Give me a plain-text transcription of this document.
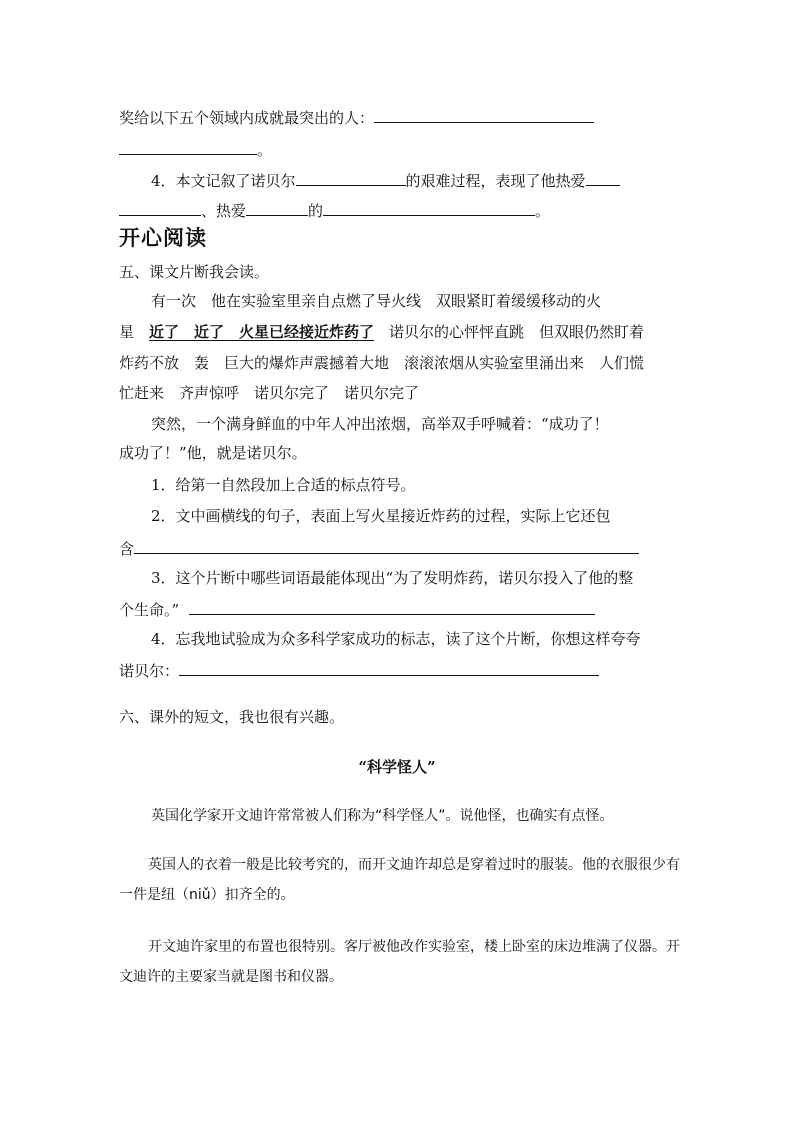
奖给以下五个领域内成就最突出的人：
。
4．本文记叙了诺贝尔	的艰难过程，表现了他热爱
、热爱	的	。
开心阅读
五、课文片断我会读。
有一次　他在实验室里亲自点燃了导火线　双眼紧盯着缓缓移动的火
星　近了　近了　火星已经接近炸药了　诺贝尔的心怦怦直跳　但双眼仍然盯着
炸药不放　轰　巨大的爆炸声震撼着大地　滚滚浓烟从实验室里涌出来　人们慌
忙赶来　齐声惊呼　诺贝尔完了　诺贝尔完了
突然，一个满身鲜血的中年人冲出浓烟，高举双手呼喊着：“成功了！
成功了！”他，就是诺贝尔。
1．给第一自然段加上合适的标点符号。
2．文中画横线的句子，表面上写火星接近炸药的过程，实际上它还包
含
3．这个片断中哪些词语最能体现出“为了发明炸药，诺贝尔投入了他的整
个生命。”
4．忘我地试验成为众多科学家成功的标志，读了这个片断，你想这样夸夸
诺贝尔：
六、课外的短文，我也很有兴趣。
“科学怪人”
英国化学家开文迪许常常被人们称为“科学怪人”。说他怪，也确实有点怪。
英国人的衣着一般是比较考究的，而开文迪许却总是穿着过时的服装。他的衣服很少有
一件是纽（niǔ）扣齐全的。
开文迪许家里的布置也很特别。客厅被他改作实验室，楼上卧室的床边堆满了仪器。开
文迪许的主要家当就是图书和仪器。
